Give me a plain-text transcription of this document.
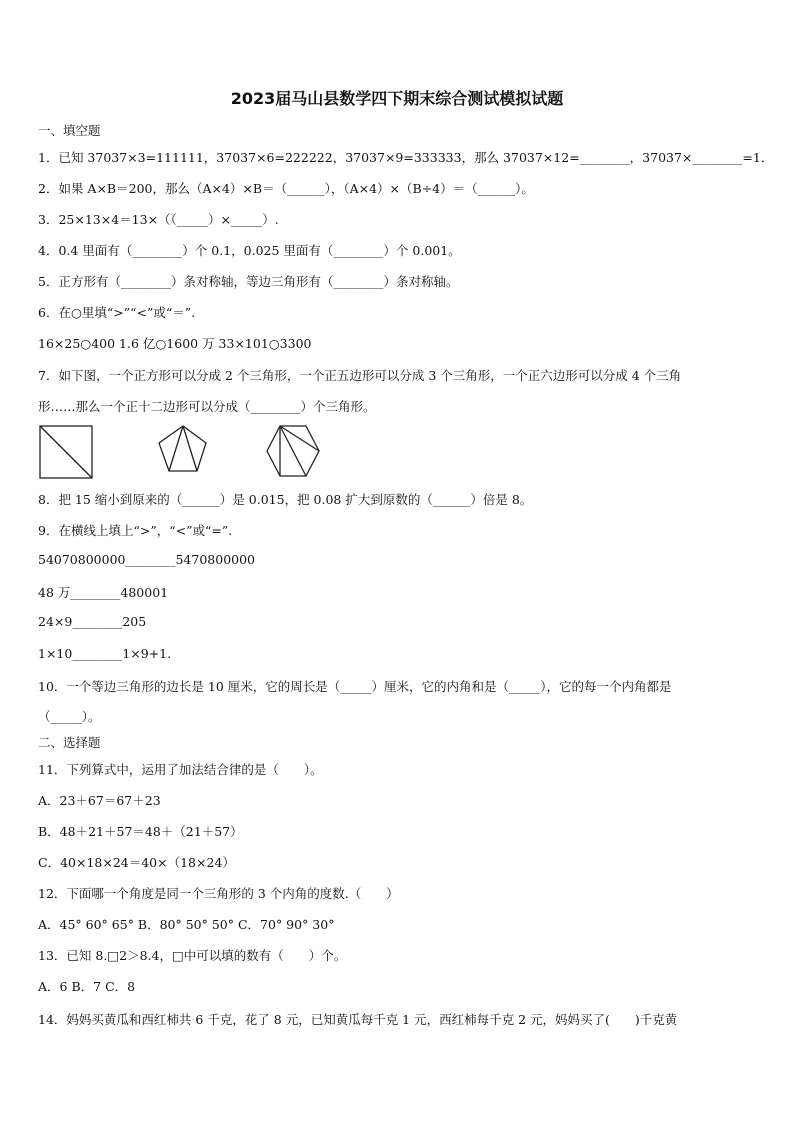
2023届马山县数学四下期末综合测试模拟试题
一、填空题
1．已知 37037×3=111111，37037×6=222222，37037×9=333333，那么 37037×12=________，37037×________=1．
2．如果 A×B＝200，那么（A×4）×B＝（______），（A×4）×（B÷4）＝（______）。
3．25×13×4＝13×（（_____）×_____）.
4．0.4 里面有（________）个 0.1，0.025 里面有（________）个 0.001。
5．正方形有（________）条对称轴，等边三角形有（________）条对称轴。
6．在○里填“>”“<”或“＝”.
16×25○400 1.6 亿○1600 万 33×101○3300
7．如下图，一个正方形可以分成 2 个三角形，一个正五边形可以分成 3 个三角形，一个正六边形可以分成 4 个三角
形……那么一个正十二边形可以分成（________）个三角形。
8．把 15 缩小到原来的（______）是 0.015，把 0.08 扩大到原数的（______）倍是 8。
9．在横线上填上“>”，“<”或“=”.
54070800000________5470800000
48 万________480001
24×9________205
1×10________1×9+1.
10．一个等边三角形的边长是 10 厘米，它的周长是（_____）厘米，它的内角和是（_____），它的每一个内角都是
（_____）。
二、选择题
11．下列算式中，运用了加法结合律的是（　　）。
A．23＋67＝67＋23
B．48＋21＋57＝48＋（21＋57）
C．40×18×24＝40×（18×24）
12．下面哪一个角度是同一个三角形的 3 个内角的度数.（　　）
A．45° 60° 65° B．80° 50° 50° C．70° 90° 30°
13．已知 8.□2＞8.4，□中可以填的数有（　　）个。
A．6 B．7 C．8
14．妈妈买黄瓜和西红柿共 6 千克，花了 8 元，已知黄瓜每千克 1 元，西红柿每千克 2 元，妈妈买了(　　)千克黄
